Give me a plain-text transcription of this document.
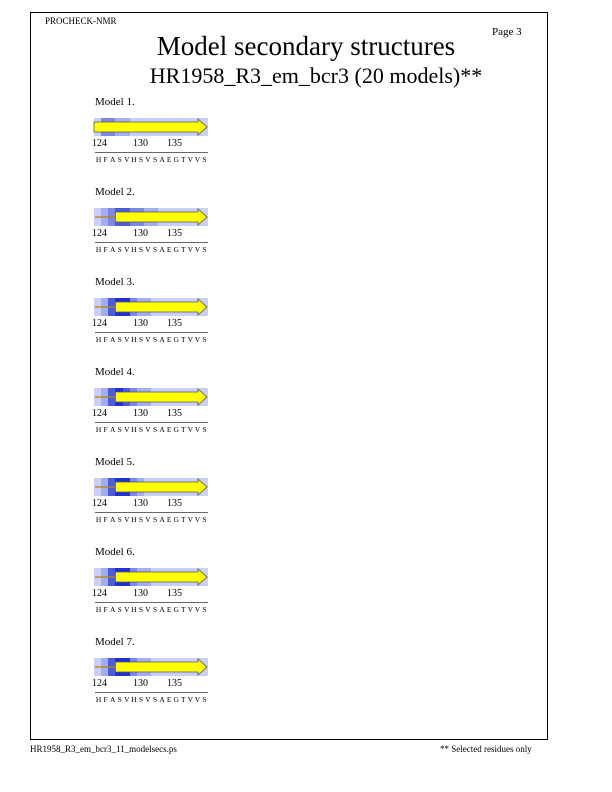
PROCHECK-NMR
Page 3
Model secondary structures
HR1958_R3_em_bcr3 (20 models)**
Model 1.
124	130 135
H F A S V H S V S A E G T V V S
Model 2.
124	130 135
H F A S V H S V S A E G T V V S
Model 3.
124	130 135
H F A S V H S V S A E G T V V S
Model 4.
124	130 135
H F A S V H S V S A E G T V V S
Model 5.
124	130 135
H F A S V H S V S A E G T V V S
Model 6.
124	130 135
H F A S V H S V S A E G T V V S
Model 7.
124	130 135
H F A S V H S V S A E G T V V S
HR1958_R3_em_bcr3_11_modelsecs.ps	** Selected residues only
